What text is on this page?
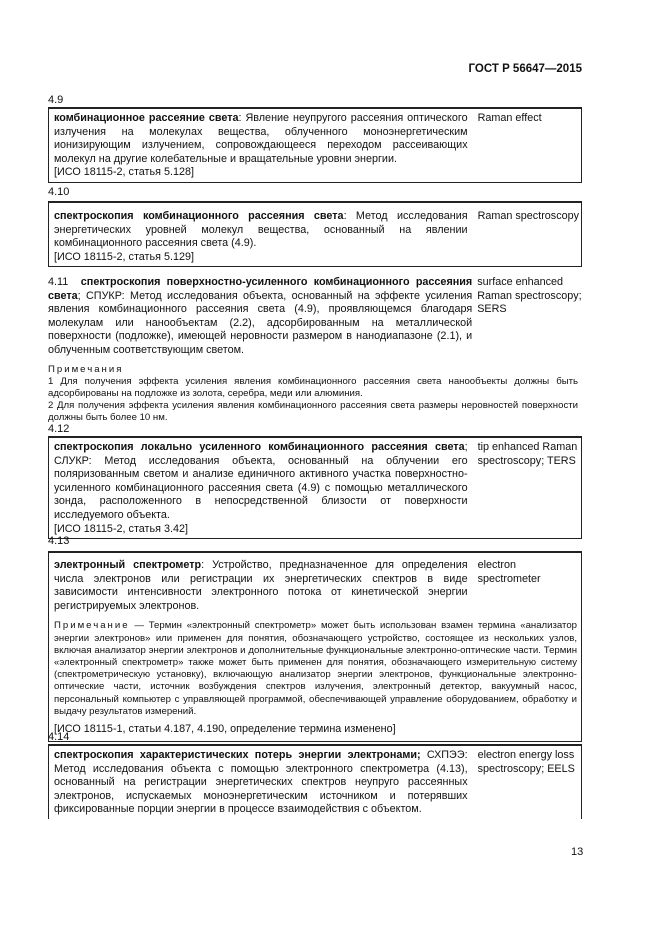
ГОСТ Р 56647—2015
4.9
комбинационное рассеяние света: Явление неупругого рассеяния оптического излучения на молекулах вещества, облученного моноэнергетическим ионизирующим излучением, сопровождающееся переходом рассеивающих молекул на другие колебательные и вращательные уровни энергии.
Raman effect
[ИСО 18115-2, статья 5.128]
4.10
спектроскопия комбинационного рассеяния света: Метод исследования энергетических уровней молекул вещества, основанный на явлении комбинационного рассеяния света (4.9).
Raman spectroscopy
[ИСО 18115-2, статья 5.129]
4.11 спектроскопия поверхностно-усиленного комбинационного рассеяния света; СПУКР: Метод исследования объекта, основанный на эффекте усиления явления комбинационного рассеяния света (4.9), проявляющемся благодаря молекулам или нанообъектам (2.2), адсорбированным на металлической поверхности (подложке), имеющей неровности размером в нанодиапазоне (2.1), и облученным соответствующим светом.
surface enhanced Raman spectroscopy; SERS
Примечания
1 Для получения эффекта усиления явления комбинационного рассеяния света нанообъекты должны быть адсорбированы на подложке из золота, серебра, меди или алюминия.
2 Для получения эффекта усиления явления комбинационного рассеяния света размеры неровностей поверхности должны быть более 10 нм.
4.12
спектроскопия локально усиленного комбинационного рассеяния света; СЛУКР: Метод исследования объекта, основанный на облучении его поляризованным светом и анализе единичного активного участка поверхностно-усиленного комбинационного рассеяния света (4.9) с помощью металлического зонда, расположенного в непосредственной близости от поверхности исследуемого объекта.
tip enhanced Raman spectroscopy; TERS
[ИСО 18115-2, статья 3.42]
4.13
электронный спектрометр: Устройство, предназначенное для определения числа электронов или регистрации их энергетических спектров в виде зависимости интенсивности электронного потока от кинетической энергии регистрируемых электронов.
electron spectrometer
Примечание — Термин «электронный спектрометр» может быть использован взамен термина «анализатор энергии электронов» или применен для понятия, обозначающего устройство, состоящее из нескольких узлов, включая анализатор энергии электронов и дополнительные функциональные электронно-оптические части. Термин «электронный спектрометр» также может быть применен для понятия, обозначающего измерительную систему (спектрометрическую установку), включающую анализатор энергии электронов, функциональные электронно-оптические части, источник возбуждения спектров излучения, электронный детектор, вакуумный насос, персональный компьютер с управляющей программой, обеспечивающей управление оборудованием, обработку и выдачу результатов измерений.
[ИСО 18115-1, статьи 4.187, 4.190, определение термина изменено]
4.14
спектроскопия характеристических потерь энергии электронами; СХПЭЭ: Метод исследования объекта с помощью электронного спектрометра (4.13), основанный на регистрации энергетических спектров неупруго рассеянных электронов, испускаемых моноэнергетическим источником и потерявших фиксированные порции энергии в процессе взаимодействия с объектом.
electron energy loss spectroscopy; EELS
13
